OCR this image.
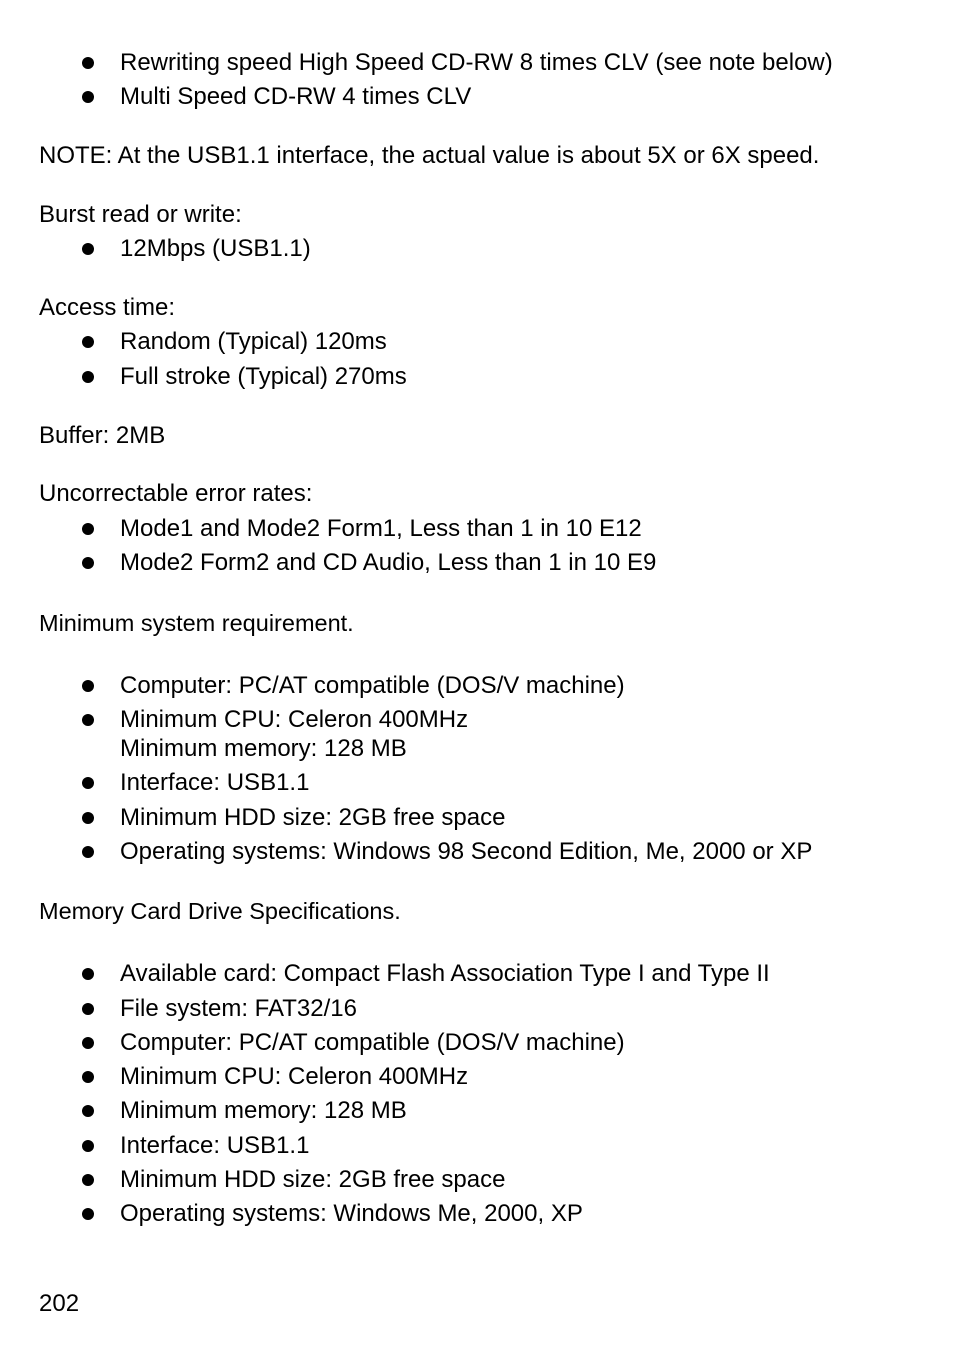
Rewriting speed High Speed CD-RW 8 times CLV (see note below)
Multi Speed CD-RW 4 times CLV
NOTE: At the USB1.1 interface, the actual value is about 5X or 6X speed.
Burst read or write:
12Mbps (USB1.1)
Access time:
Random (Typical) 120ms
Full stroke (Typical) 270ms
Buffer: 2MB
Uncorrectable error rates:
Mode1 and Mode2 Form1, Less than 1 in 10 E12
Mode2 Form2 and CD Audio, Less than 1 in 10 E9
Minimum system requirement.
Computer: PC/AT compatible (DOS/V machine)
Minimum CPU: Celeron 400MHz
Minimum memory: 128 MB
Interface: USB1.1
Minimum HDD size: 2GB free space
Operating systems: Windows 98 Second Edition, Me, 2000 or XP
Memory Card Drive Specifications.
Available card: Compact Flash Association Type I and Type II
File system: FAT32/16
Computer: PC/AT compatible (DOS/V machine)
Minimum CPU: Celeron 400MHz
Minimum memory: 128 MB
Interface: USB1.1
Minimum HDD size: 2GB free space
Operating systems: Windows Me, 2000, XP
202
